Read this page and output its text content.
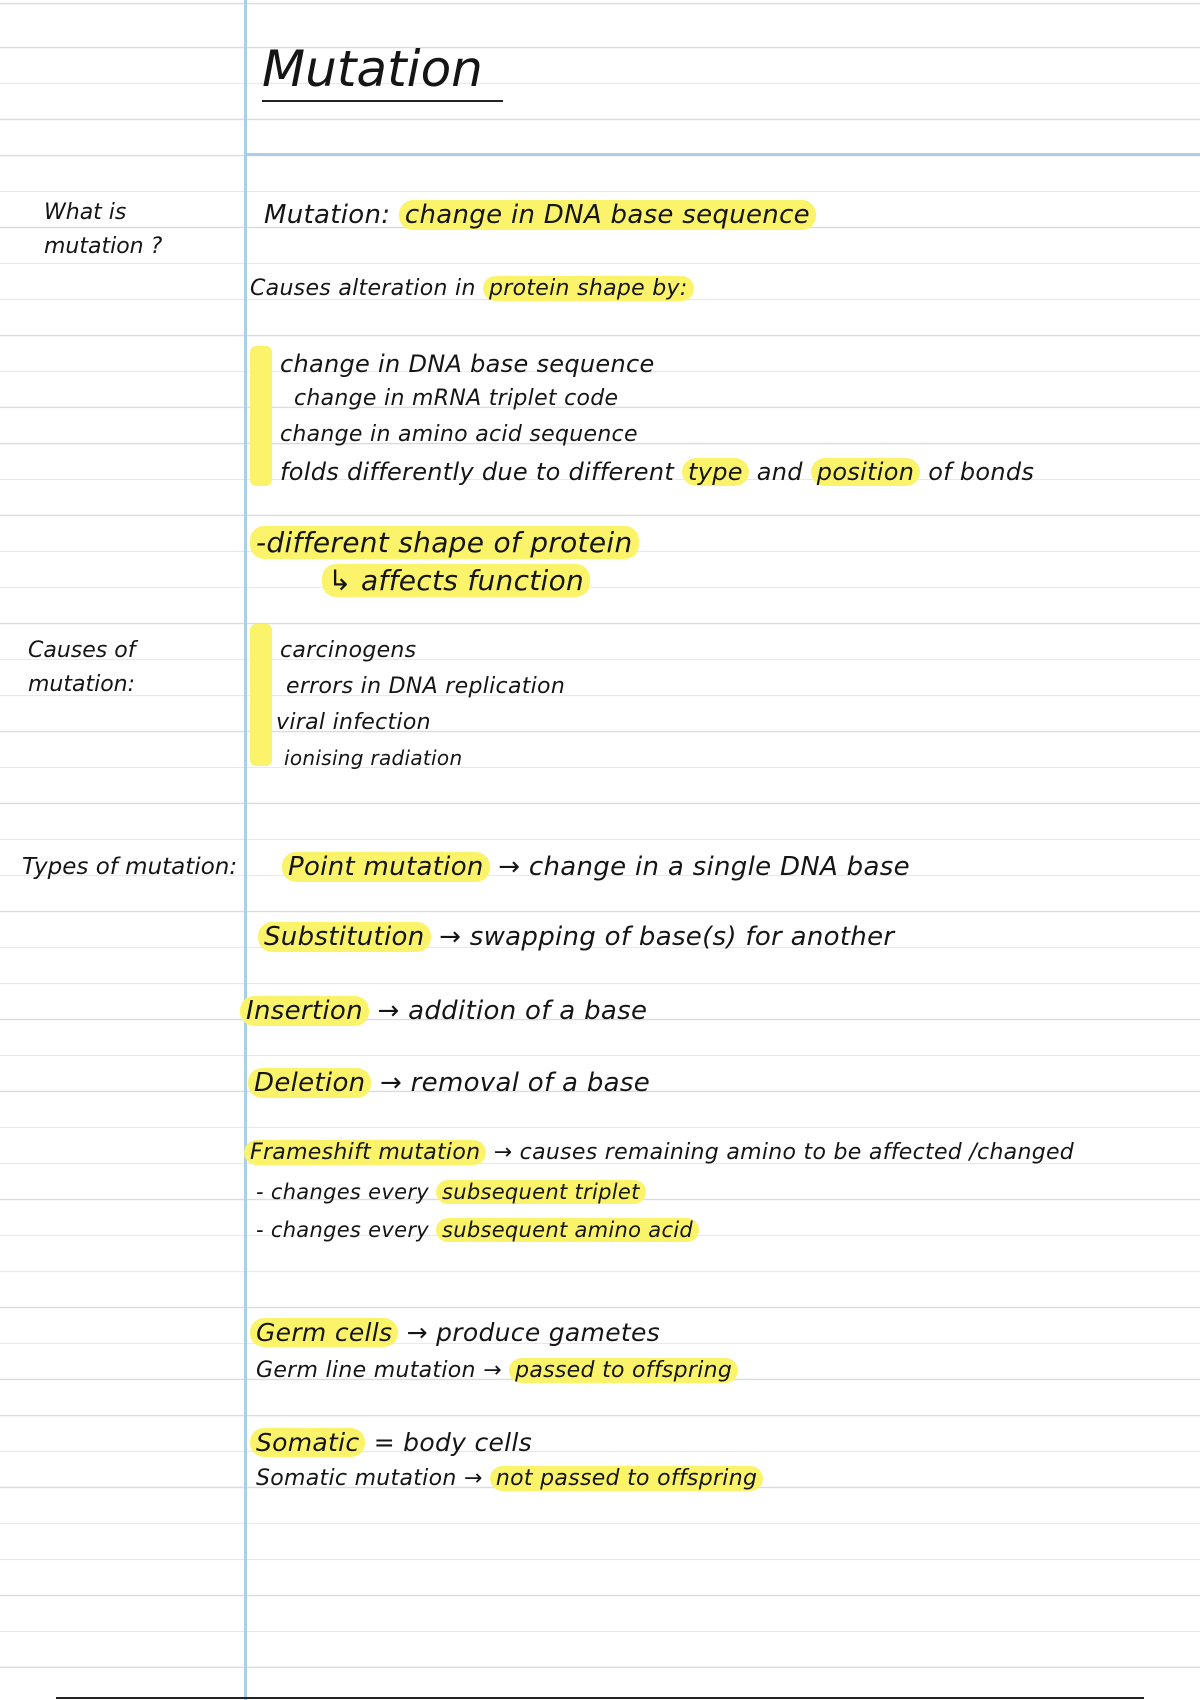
Mutation
What is
mutation ?
Causes of
mutation:
Types of mutation:
Mutation: change in DNA base sequence
Causes alteration in protein shape by:
change in DNA base sequence
change in mRNA triplet code
change in amino acid sequence
folds differently due to different type and position of bonds
-different shape of protein
↳ affects function
carcinogens
errors in DNA replication
viral infection
ionising radiation
Point mutation → change in a single DNA base
Substitution → swapping of base(s) for another
Insertion → addition of a base
Deletion → removal of a base
Frameshift mutation → causes remaining amino to be affected /changed
- changes every subsequent triplet
- changes every subsequent amino acid
Germ cells → produce gametes
Germ line mutation → passed to offspring
Somatic = body cells
Somatic mutation → not passed to offspring
